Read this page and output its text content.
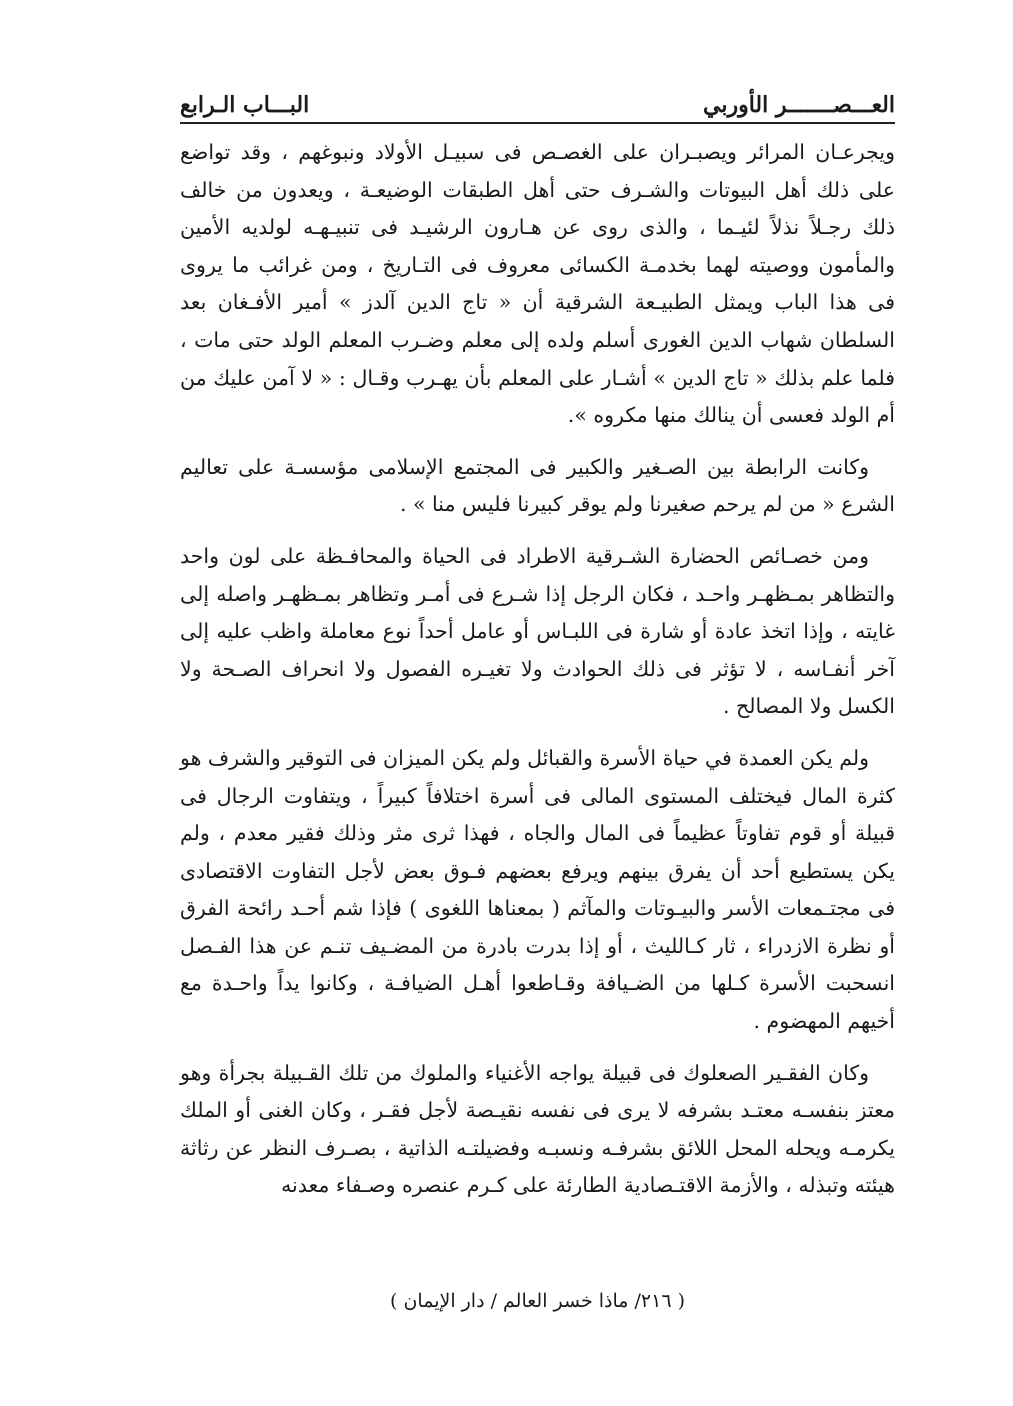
العـــصـــــــر الأوربي
البـــاب الـرابع

ويجرعـان المرائر ويصبـران على الغصـص فى سبيـل الأولاد ونبوغهم ، وقد تواضع على ذلك أهل البيوتات والشـرف حتى أهل الطبقات الوضيعـة ، ويعدون من خالف ذلك رجـلاً نذلاً لئيـما ، والذى روى عن هـارون الرشيـد فى تنبيـهـه لولديه الأمين والمأمون ووصيته لهما بخدمـة الكسائى معروف فى التـاريخ ، ومن غرائب ما يروى فى هذا الباب ويمثل الطبيـعة الشرقية أن « تاج الدين آلدز » أمير الأفـغان بعد السلطان شهاب الدين الغورى أسلم ولده إلى معلم وضـرب المعلم الولد حتى مات ، فلما علم بذلك « تاج الدين » أشـار على المعلم بأن يهـرب وقـال : « لا آمن عليك من أم الولد فعسى أن ينالك منها مكروه ».

وكانت الرابطة بين الصـغير والكبير فى المجتمع الإسلامى مؤسسـة على تعاليم الشرع « من لم يرحم صغيرنا ولم يوقر كبيرنا فليس منا » .

ومن خصـائص الحضارة الشـرقية الاطراد فى الحياة والمحافـظة على لون واحد والتظاهر بمـظهـر واحـد ، فكان الرجل إذا شـرع فى أمـر وتظاهر بمـظهـر واصله إلى غايته ، وإذا اتخذ عادة أو شارة فى اللبـاس أو عامل أحداً نوع معاملة واظب عليه إلى آخر أنفـاسه ، لا تؤثر فى ذلك الحوادث ولا تغيـره الفصول ولا انحراف الصـحة ولا الكسل ولا المصالح .

ولم يكن العمدة في حياة الأسرة والقبائل ولم يكن الميزان فى التوقير والشرف هو كثرة المال فيختلف المستوى المالى فى أسرة اختلافاً كبيراً ، ويتفاوت الرجال فى قبيلة أو قوم تفاوتاً عظيماً فى المال والجاه ، فهذا ثرى مثر وذلك فقير معدم ، ولم يكن يستطيع أحد أن يفرق بينهم ويرفع بعضهم فـوق بعض لأجل التفاوت الاقتصادى فى مجتـمعات الأسر والبيـوتات والمآثم ( بمعناها اللغوى ) فإذا شم أحـد رائحة الفرق أو نظرة الازدراء ، ثار كـالليث ، أو إذا بدرت بادرة من المضـيف تنـم عن هذا الفـصل انسحبت الأسرة كـلها من الضـيافة وقـاطعوا أهـل الضيافـة ، وكانوا يداً واحـدة مع أخيهم المهضوم .

وكان الفقـير الصعلوك فى قبيلة يواجه الأغنياء والملوك من تلك القـبيلة بجرأة وهو معتز بنفسـه معتـد بشرفه لا يرى فى نفسه نقيـصة لأجل فقـر ، وكان الغنى أو الملك يكرمـه ويحله المحل اللائق بشرفـه ونسبـه وفضيلتـه الذاتية ، بصـرف النظر عن رثاثة هيئته وتبذله ، والأزمة الاقتـصادية الطارئة على كـرم عنصره وصـفاء معدنه

( ٢١٦/ ماذا خسر العالم / دار الإيمان )
